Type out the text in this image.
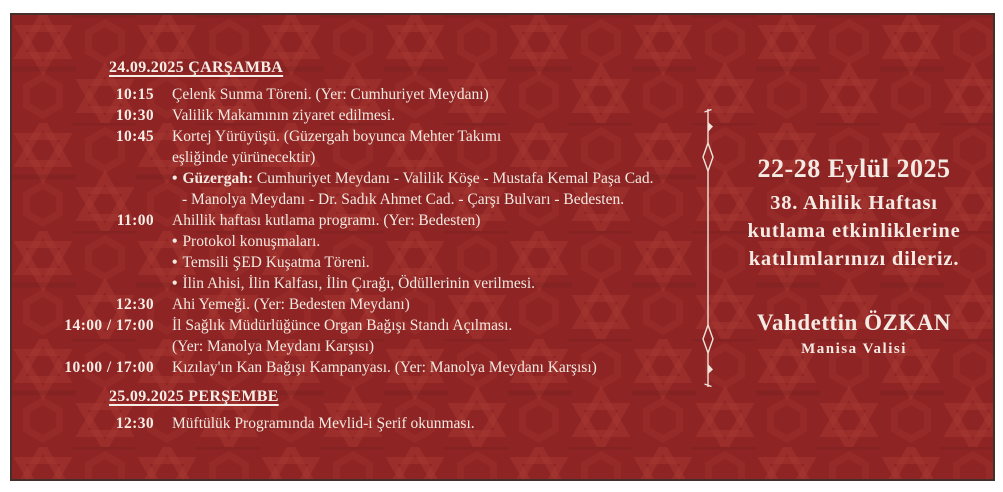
24.09.2025 ÇARŞAMBA
10:15 Çelenk Sunma Töreni. (Yer: Cumhuriyet Meydanı)
10:30 Valilik Makamının ziyaret edilmesi.
10:45 Kortej Yürüyüşü. (Güzergah boyunca Mehter Takımı
eşliğinde yürünecektir)
• Güzergah: Cumhuriyet Meydanı - Valilik Köşe - Mustafa Kemal Paşa Cad.
- Manolya Meydanı - Dr. Sadık Ahmet Cad. - Çarşı Bulvarı - Bedesten.
11:00 Ahillik haftası kutlama programı. (Yer: Bedesten)
• Protokol konuşmaları.
• Temsili ŞED Kuşatma Töreni.
• İlin Ahisi, İlin Kalfası, İlin Çırağı, Ödüllerinin verilmesi.
12:30 Ahi Yemeği. (Yer: Bedesten Meydanı)
14:00 / 17:00 İl Sağlık Müdürlüğünce Organ Bağışı Standı Açılması.
(Yer: Manolya Meydanı Karşısı)
10:00 / 17:00 Kızılay'ın Kan Bağışı Kampanyası. (Yer: Manolya Meydanı Karşısı)
25.09.2025 PERŞEMBE
12:30 Müftülük Programında Mevlid-i Şerif okunması.
22-28 Eylül 2025
38. Ahilik Haftası
kutlama etkinliklerine
katılımlarınızı dileriz.
Vahdettin ÖZKAN
Manisa Valisi
